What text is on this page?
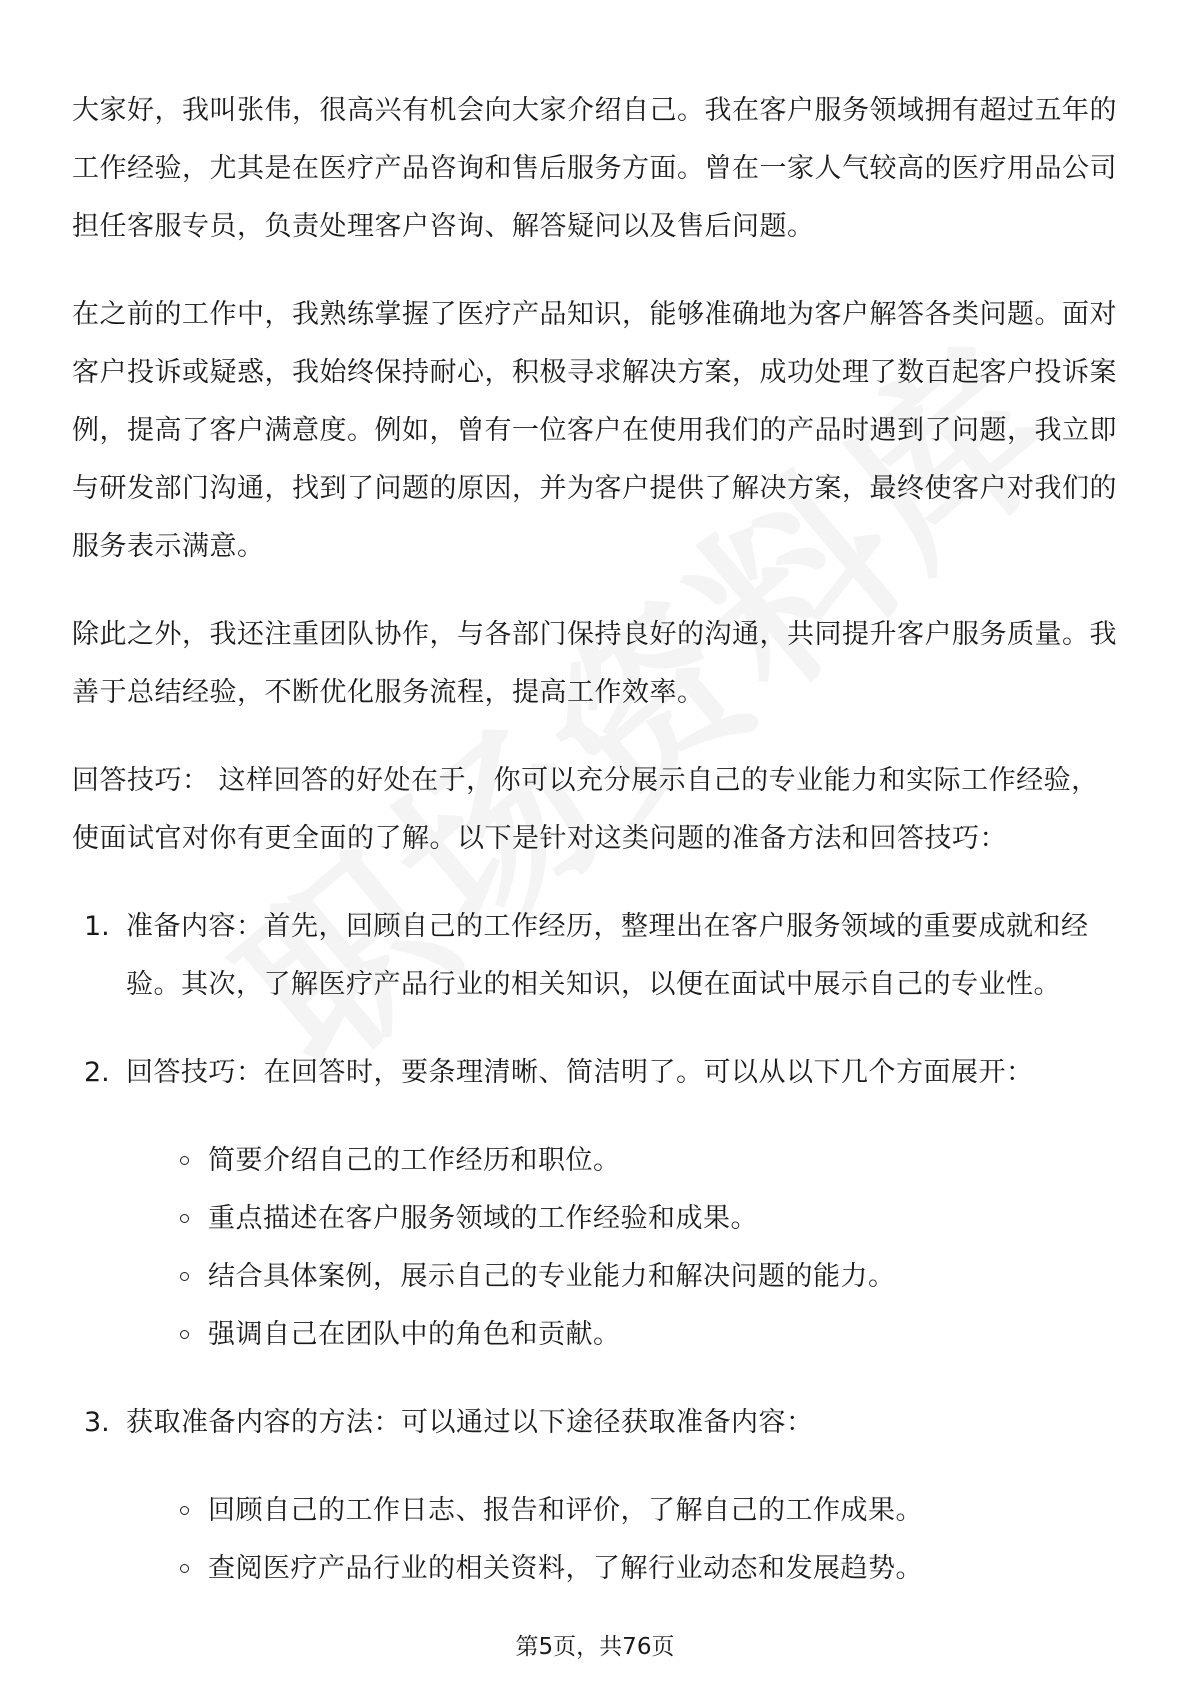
大家好，我叫张伟，很高兴有机会向大家介绍自己。我在客户服务领域拥有超过五年的工作经验，尤其是在医疗产品咨询和售后服务方面。曾在一家人气较高的医疗用品公司担任客服专员，负责处理客户咨询、解答疑问以及售后问题。

在之前的工作中，我熟练掌握了医疗产品知识，能够准确地为客户解答各类问题。面对客户投诉或疑惑，我始终保持耐心，积极寻求解决方案，成功处理了数百起客户投诉案例，提高了客户满意度。例如，曾有一位客户在使用我们的产品时遇到了问题，我立即与研发部门沟通，找到了问题的原因，并为客户提供了解决方案，最终使客户对我们的服务表示满意。

除此之外，我还注重团队协作，与各部门保持良好的沟通，共同提升客户服务质量。我善于总结经验，不断优化服务流程，提高工作效率。

回答技巧： 这样回答的好处在于，你可以充分展示自己的专业能力和实际工作经验，使面试官对你有更全面的了解。以下是针对这类问题的准备方法和回答技巧：

1. 准备内容：首先，回顾自己的工作经历，整理出在客户服务领域的重要成就和经验。其次，了解医疗产品行业的相关知识，以便在面试中展示自己的专业性。

2. 回答技巧：在回答时，要条理清晰、简洁明了。可以从以下几个方面展开：

简要介绍自己的工作经历和职位。
重点描述在客户服务领域的工作经验和成果。
结合具体案例，展示自己的专业能力和解决问题的能力。
强调自己在团队中的角色和贡献。
3. 获取准备内容的方法：可以通过以下途径获取准备内容：

回顾自己的工作日志、报告和评价，了解自己的工作成果。
查阅医疗产品行业的相关资料，了解行业动态和发展趋势。
第5页，共76页
